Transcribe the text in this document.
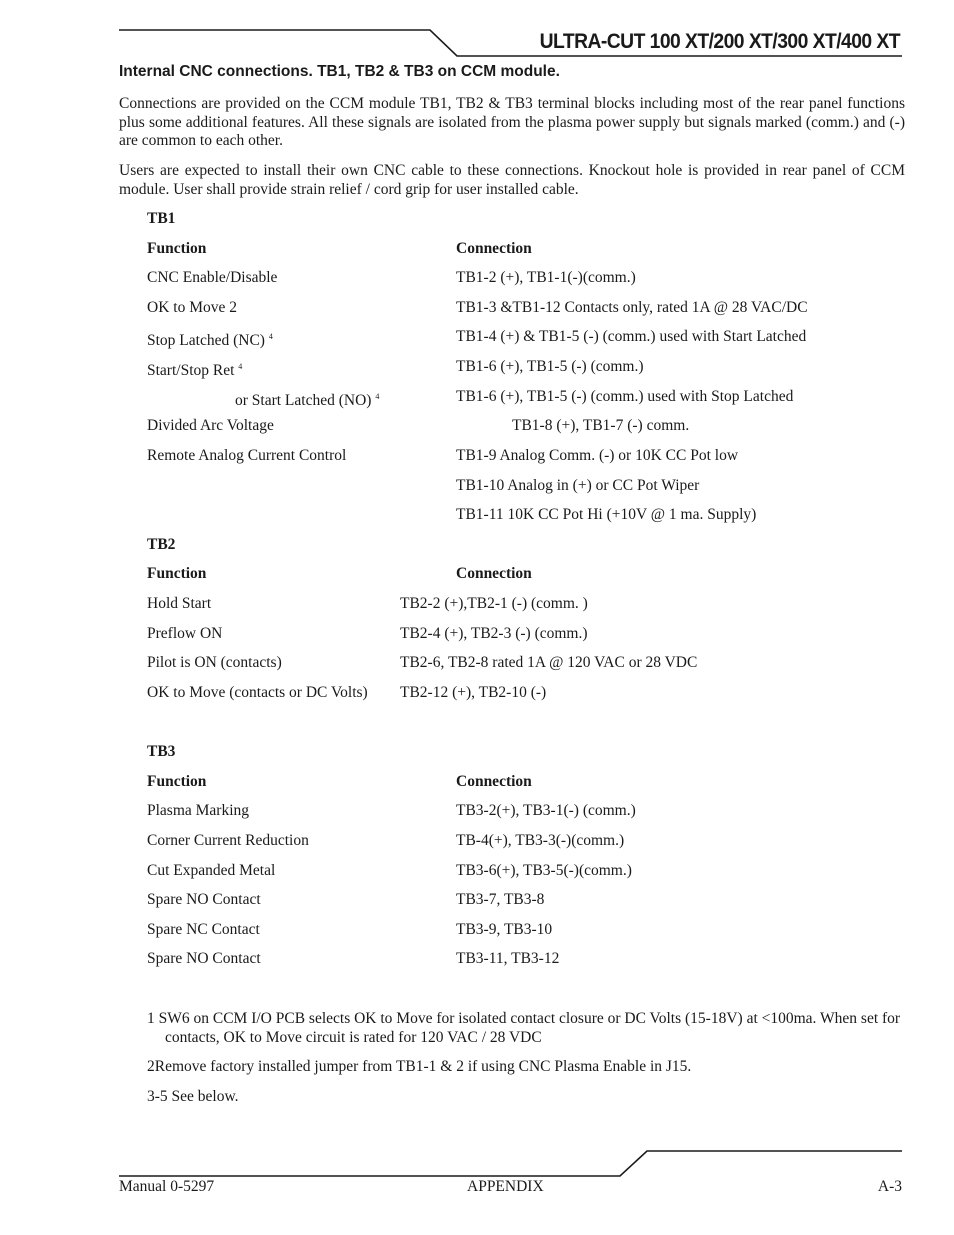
ULTRA-CUT 100 XT/200 XT/300 XT/400 XT
Internal CNC connections. TB1, TB2 & TB3 on CCM module.

Connections are provided on the CCM module TB1, TB2 & TB3 terminal blocks including most of the rear panel functions plus some additional features. All these signals are isolated from the plasma power supply but signals marked (comm.) and (-) are common to each other.

Users are expected to install their own CNC cable to these connections. Knockout hole is provided in rear panel of CCM module. User shall provide strain relief / cord grip for user installed cable.

TB1
Function	Connection
CNC Enable/Disable	TB1-2 (+), TB1-1(-)(comm.)
OK to Move 2	TB1-3 &TB1-12 Contacts only, rated 1A @ 28 VAC/DC
Stop Latched (NC) $^4$	TB1-4 (+) & TB1-5 (-) (comm.) used with Start Latched
Start/Stop Ret $^4$	TB1-6 (+), TB1-5 (-) (comm.)
or Start Latched (NO) $^4$	TB1-6 (+), TB1-5 (-) (comm.) used with Stop Latched
Divided Arc Voltage	TB1-8 (+), TB1-7 (-) comm.
Remote Analog Current Control	TB1-9 Analog Comm. (-) or 10K CC Pot low
TB1-10 Analog in (+) or CC Pot Wiper
TB1-11 10K CC Pot Hi (+10V @ 1 ma. Supply)
TB2
Function	Connection
Hold Start	TB2-2 (+),TB2-1 (-) (comm. )
Preflow ON	TB2-4 (+), TB2-3 (-) (comm.)
Pilot is ON (contacts)	TB2-6, TB2-8 rated 1A @ 120 VAC or 28 VDC
OK to Move (contacts or DC Volts) TB2-12 (+), TB2-10 (-)
TB3
Function	Connection
Plasma Marking	TB3-2(+), TB3-1(-) (comm.)
Corner Current Reduction	TB-4(+), TB3-3(-)(comm.)
Cut Expanded Metal	TB3-6(+), TB3-5(-)(comm.)
Spare NO Contact	TB3-7, TB3-8
Spare NC Contact	TB3-9, TB3-10
Spare NO Contact	TB3-11, TB3-12
1 SW6 on CCM I/O PCB selects OK to Move for isolated contact closure or DC Volts (15-18V) at <100ma. When set for contacts, OK to Move circuit is rated for 120 VAC / 28 VDC
2Remove factory installed jumper from TB1-1 & 2 if using CNC Plasma Enable in J15.
3-5 See below.
Manual 0-5297	APPENDIX	A-3
